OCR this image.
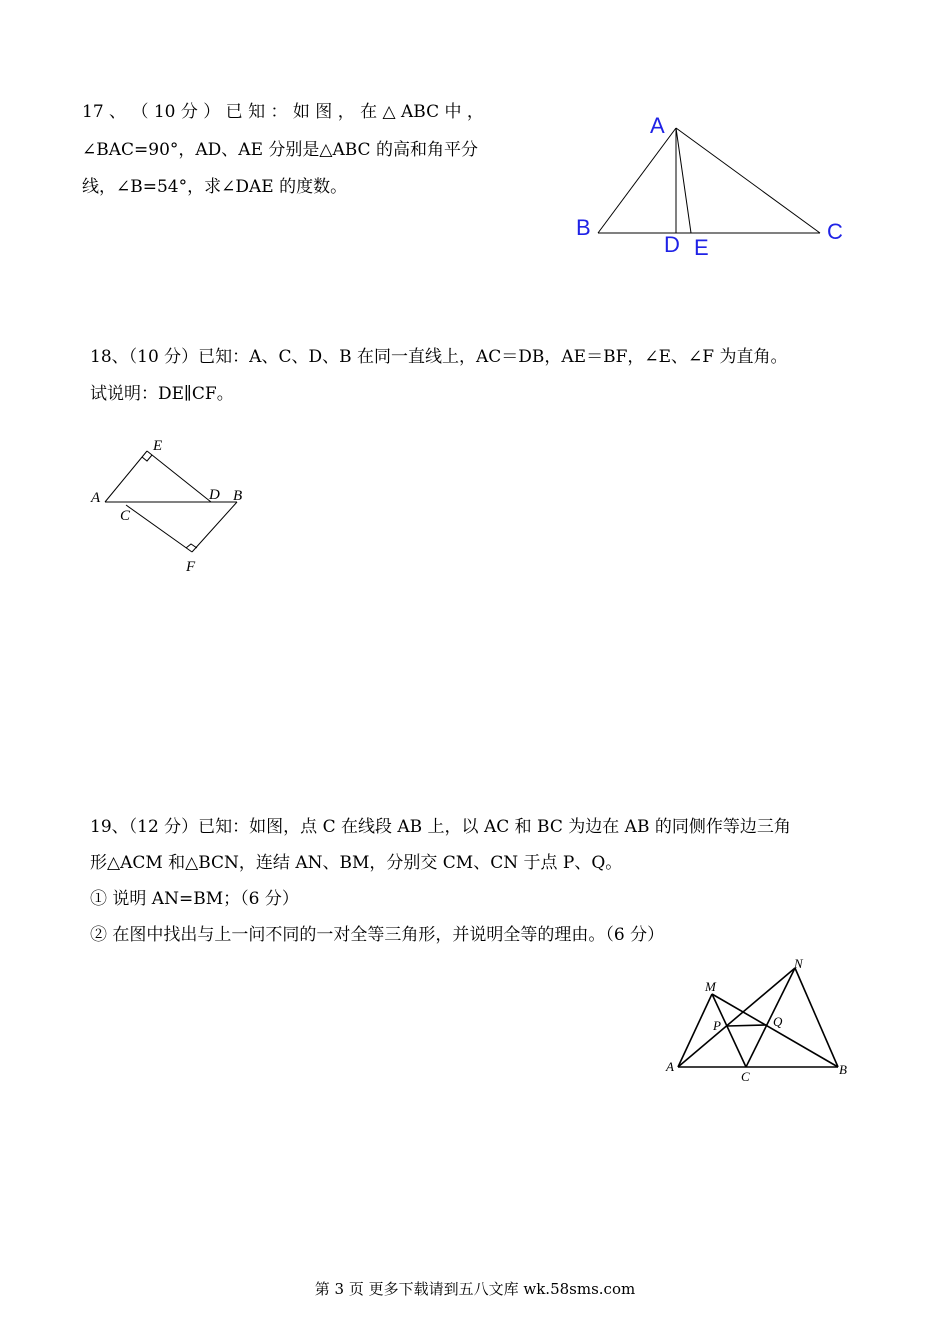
17 、 （ 10 分 ） 已 知 ： 如 图 ， 在 △ ABC 中 ，
∠BAC=90°，AD、AE 分别是△ABC 的高和角平分
线，∠B=54°，求∠DAE 的度数。
A
B	C
D E
18、（10 分）已知：A、C、D、B 在同一直线上，AC＝DB，AE＝BF，∠E、∠F 为直角。
试说明：DE∥CF。
A	B
C
D
E
F
19、（12 分）已知：如图，点 C 在线段 AB 上，以 AC 和 BC 为边在 AB 的同侧作等边三角
形△ACM 和△BCN，连结 AN、BM，分别交 CM、CN 于点 P、Q。
① 说明 AN=BM；（6 分）
② 在图中找出与上一问不同的一对全等三角形，并说明全等的理由。（6 分）
A	B
C
M
N
P	Q
第 3 页 更多下载请到五八文库 wk.58sms.com
